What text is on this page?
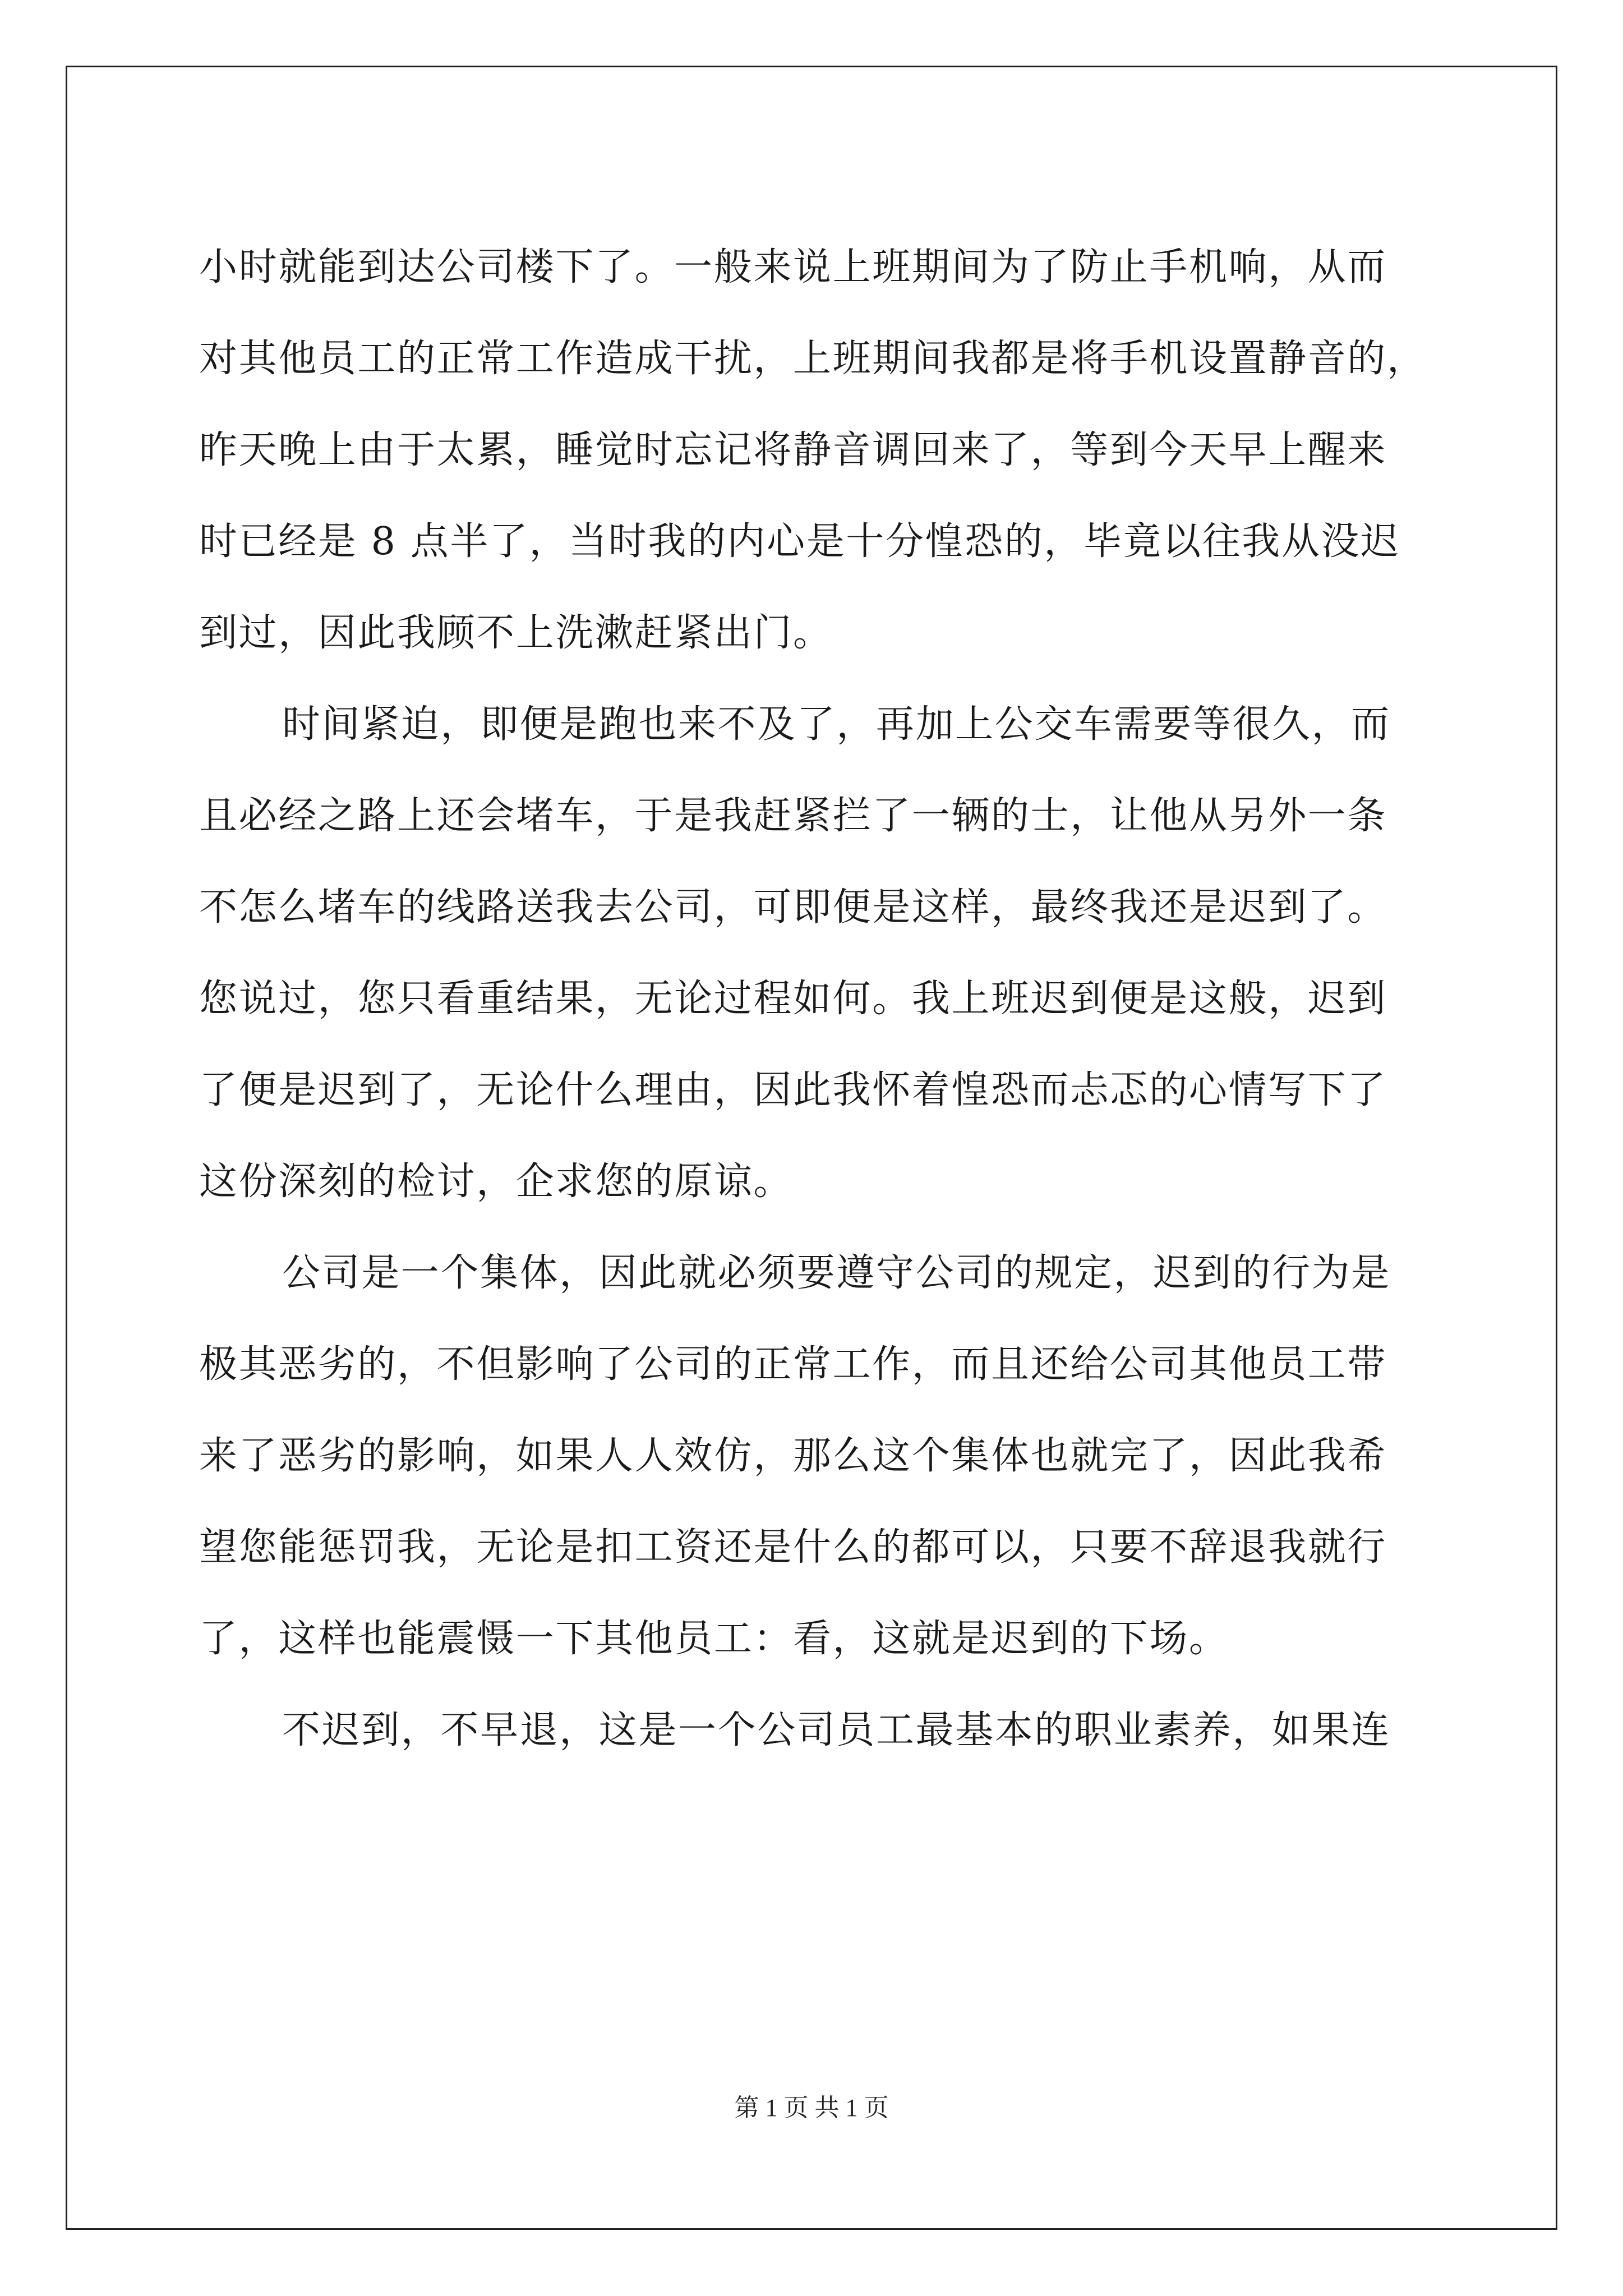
小时就能到达公司楼下了。一般来说上班期间为了防止手机响，从而
对其他员工的正常工作造成干扰，上班期间我都是将手机设置静音的，
昨天晚上由于太累，睡觉时忘记将静音调回来了，等到今天早上醒来
时已经是 8 点半了，当时我的内心是十分惶恐的，毕竟以往我从没迟
到过，因此我顾不上洗漱赶紧出门。
时间紧迫，即便是跑也来不及了，再加上公交车需要等很久，而
且必经之路上还会堵车，于是我赶紧拦了一辆的士，让他从另外一条
不怎么堵车的线路送我去公司，可即便是这样，最终我还是迟到了。
您说过，您只看重结果，无论过程如何。我上班迟到便是这般，迟到
了便是迟到了，无论什么理由，因此我怀着惶恐而忐忑的心情写下了
这份深刻的检讨，企求您的原谅。
公司是一个集体，因此就必须要遵守公司的规定，迟到的行为是
极其恶劣的，不但影响了公司的正常工作，而且还给公司其他员工带
来了恶劣的影响，如果人人效仿，那么这个集体也就完了，因此我希
望您能惩罚我，无论是扣工资还是什么的都可以，只要不辞退我就行
了，这样也能震慑一下其他员工：看，这就是迟到的下场。
不迟到，不早退，这是一个公司员工最基本的职业素养，如果连
第 1 页 共 1 页
